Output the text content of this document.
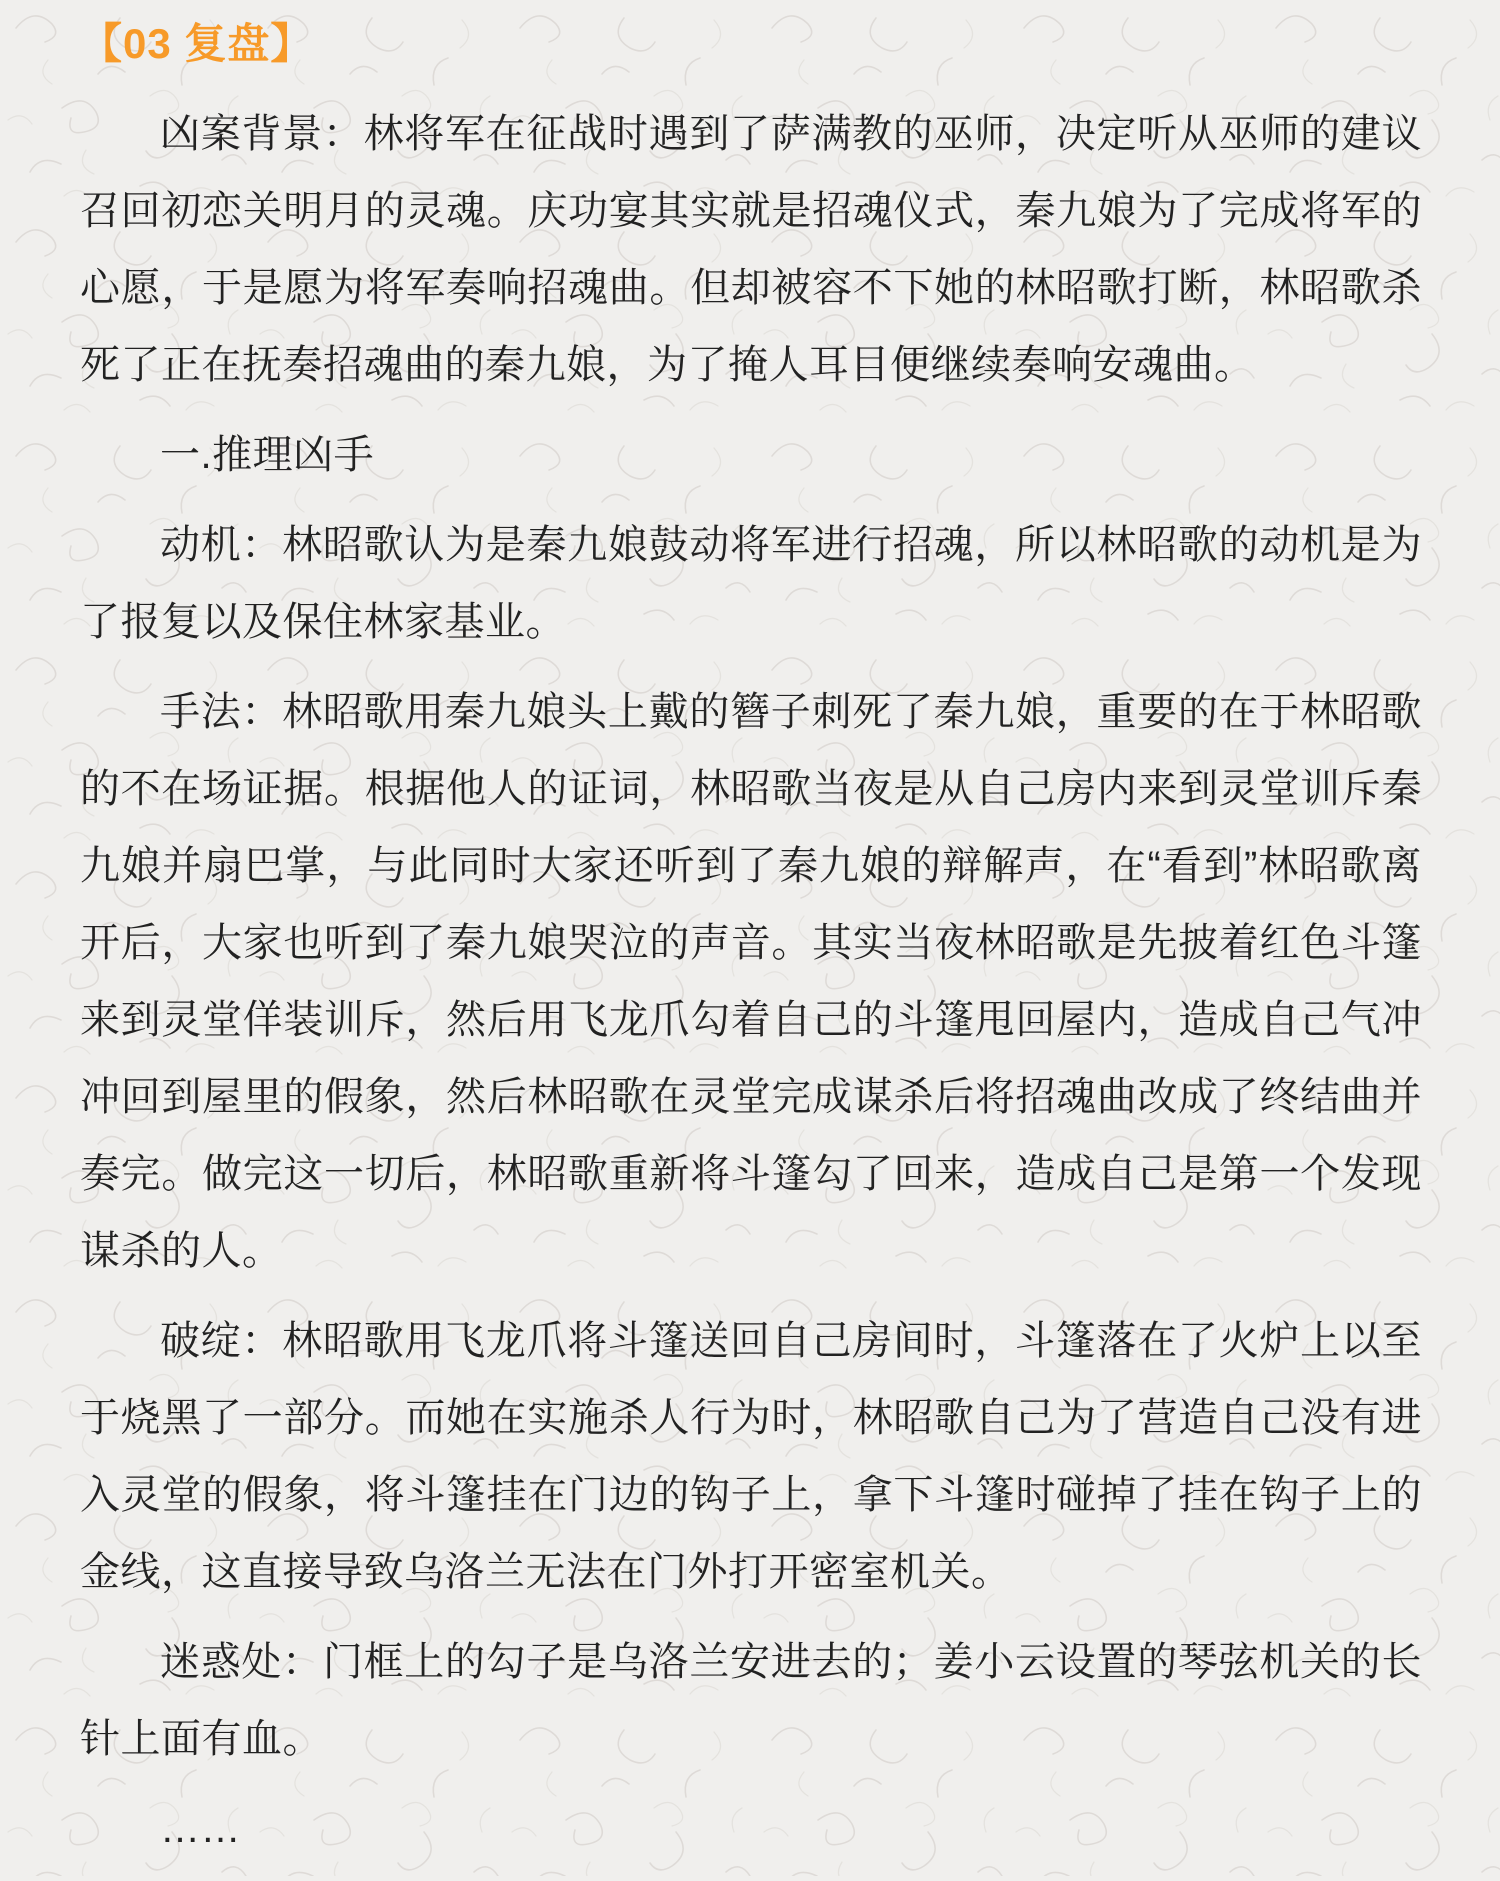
【03 复盘】

凶案背景：林将军在征战时遇到了萨满教的巫师，决定听从巫师的建议召回初恋关明月的灵魂。庆功宴其实就是招魂仪式，秦九娘为了完成将军的心愿，于是愿为将军奏响招魂曲。但却被容不下她的林昭歌打断，林昭歌杀死了正在抚奏招魂曲的秦九娘，为了掩人耳目便继续奏响安魂曲。

一.推理凶手

动机：林昭歌认为是秦九娘鼓动将军进行招魂，所以林昭歌的动机是为了报复以及保住林家基业。

手法：林昭歌用秦九娘头上戴的簪子刺死了秦九娘，重要的在于林昭歌的不在场证据。根据他人的证词，林昭歌当夜是从自己房内来到灵堂训斥秦九娘并扇巴掌，与此同时大家还听到了秦九娘的辩解声，在“看到”林昭歌离开后，大家也听到了秦九娘哭泣的声音。其实当夜林昭歌是先披着红色斗篷来到灵堂佯装训斥，然后用飞龙爪勾着自己的斗篷甩回屋内，造成自己气冲冲回到屋里的假象，然后林昭歌在灵堂完成谋杀后将招魂曲改成了终结曲并奏完。做完这一切后，林昭歌重新将斗篷勾了回来，造成自己是第一个发现谋杀的人。

破绽：林昭歌用飞龙爪将斗篷送回自己房间时，斗篷落在了火炉上以至于烧黑了一部分。而她在实施杀人行为时，林昭歌自己为了营造自己没有进入灵堂的假象，将斗篷挂在门边的钩子上，拿下斗篷时碰掉了挂在钩子上的金线，这直接导致乌洛兰无法在门外打开密室机关。

迷惑处：门框上的勾子是乌洛兰安进去的；姜小云设置的琴弦机关的长针上面有血。

……
